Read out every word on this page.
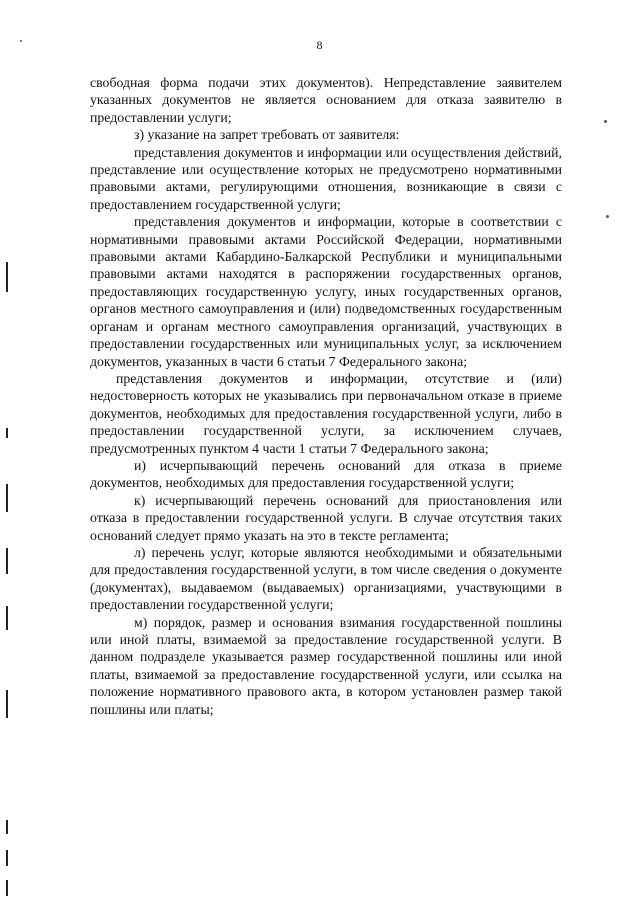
8

свободная форма подачи этих документов). Непредставление заявителем указанных документов не является основанием для отказа заявителю в предоставлении услуги;

з) указание на запрет требовать от заявителя:

представления документов и информации или осуществления действий, представление или осуществление которых не предусмотрено нормативными правовыми актами, регулирующими отношения, возникающие в связи с предоставлением государственной услуги;

представления документов и информации, которые в соответствии с нормативными правовыми актами Российской Федерации, нормативными правовыми актами Кабардино-Балкарской Республики и муниципальными правовыми актами находятся в распоряжении государственных органов, предоставляющих государственную услугу, иных государственных органов, органов местного самоуправления и (или) подведомственных государственным органам и органам местного самоуправления организаций, участвующих в предоставлении государственных или муниципальных услуг, за исключением документов, указанных в части 6 статьи 7 Федерального закона;

представления документов и информации, отсутствие и (или) недостоверность которых не указывались при первоначальном отказе в приеме документов, необходимых для предоставления государственной услуги, либо в предоставлении государственной услуги, за исключением случаев, предусмотренных пунктом 4 части 1 статьи 7 Федерального закона;

и) исчерпывающий перечень оснований для отказа в приеме документов, необходимых для предоставления государственной услуги;

к) исчерпывающий перечень оснований для приостановления или отказа в предоставлении государственной услуги. В случае отсутствия таких оснований следует прямо указать на это в тексте регламента;

л) перечень услуг, которые являются необходимыми и обязательными для предоставления государственной услуги, в том числе сведения о документе (документах), выдаваемом (выдаваемых) организациями, участвующими в предоставлении государственной услуги;

м) порядок, размер и основания взимания государственной пошлины или иной платы, взимаемой за предоставление государственной услуги. В данном подразделе указывается размер государственной пошлины или иной платы, взимаемой за предоставление государственной услуги, или ссылка на положение нормативного правового акта, в котором установлен размер такой пошлины или платы;
